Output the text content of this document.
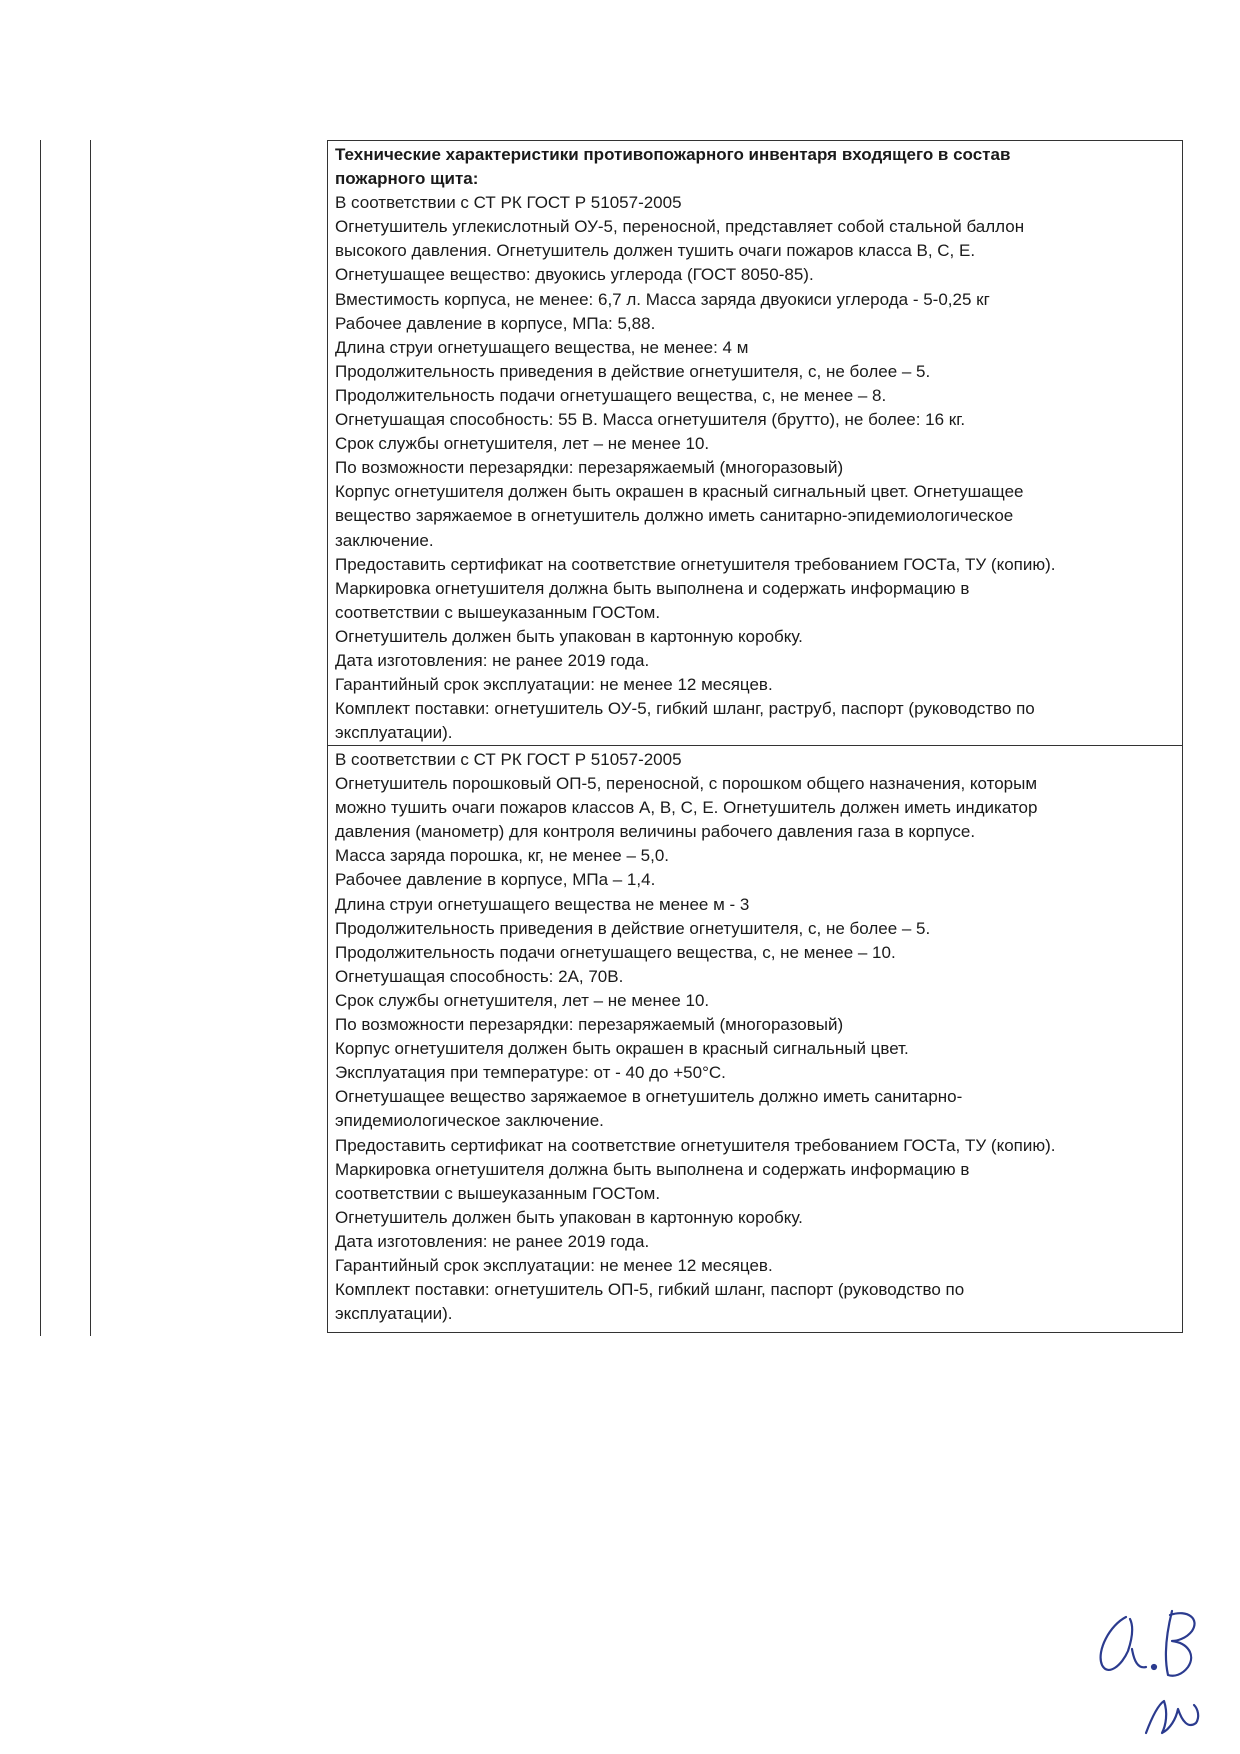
Технические характеристики противопожарного инвентаря входящего в состав

пожарного щита:

В соответствии с СТ РК ГОСТ Р 51057-2005

Огнетушитель углекислотный ОУ-5, переносной, представляет собой стальной баллон

высокого давления. Огнетушитель должен тушить очаги пожаров класса В, С, Е.

Огнетушащее вещество: двуокись углерода (ГОСТ 8050-85).

Вместимость корпуса, не менее: 6,7 л. Масса заряда двуокиси углерода - 5-0,25 кг

Рабочее давление в корпусе, МПа: 5,88.

Длина струи огнетушащего вещества, не менее: 4 м

Продолжительность приведения в действие огнетушителя, с, не более – 5.

Продолжительность подачи огнетушащего вещества, с, не менее – 8.

Огнетушащая способность: 55 В. Масса огнетушителя (брутто), не более: 16 кг.

Срок службы огнетушителя, лет – не менее 10.

По возможности перезарядки: перезаряжаемый (многоразовый)

Корпус огнетушителя должен быть окрашен в красный сигнальный цвет. Огнетушащее

вещество заряжаемое в огнетушитель должно иметь санитарно-эпидемиологическое

заключение.

Предоставить сертификат на соответствие огнетушителя требованием ГОСТа, ТУ (копию).

Маркировка огнетушителя должна быть выполнена и содержать информацию в

соответствии с вышеуказанным ГОСТом.

Огнетушитель должен быть упакован в картонную коробку.

Дата изготовления: не ранее 2019 года.

Гарантийный срок эксплуатации: не менее 12 месяцев.

Комплект поставки: огнетушитель ОУ-5, гибкий шланг, раструб, паспорт (руководство по

эксплуатации).

В соответствии с СТ РК ГОСТ Р 51057-2005

Огнетушитель порошковый ОП-5, переносной, с порошком общего назначения, которым

можно тушить очаги пожаров классов А, В, С, Е. Огнетушитель должен иметь индикатор

давления (манометр) для контроля величины рабочего давления газа в корпусе.

Масса заряда порошка, кг, не менее – 5,0.

Рабочее давление в корпусе, МПа – 1,4.

Длина струи огнетушащего вещества не менее м - 3

Продолжительность приведения в действие огнетушителя, с, не более – 5.

Продолжительность подачи огнетушащего вещества, с, не менее – 10.

Огнетушащая способность: 2А, 70В.

Срок службы огнетушителя, лет – не менее 10.

По возможности перезарядки: перезаряжаемый (многоразовый)

Корпус огнетушителя должен быть окрашен в красный сигнальный цвет.

Эксплуатация при температуре: от - 40 до +50°С.

Огнетушащее вещество заряжаемое в огнетушитель должно иметь санитарно-

эпидемиологическое заключение.

Предоставить сертификат на соответствие огнетушителя требованием ГОСТа, ТУ (копию).

Маркировка огнетушителя должна быть выполнена и содержать информацию в

соответствии с вышеуказанным ГОСТом.

Огнетушитель должен быть упакован в картонную коробку.

Дата изготовления: не ранее 2019 года.

Гарантийный срок эксплуатации: не менее 12 месяцев.

Комплект поставки: огнетушитель ОП-5, гибкий шланг, паспорт (руководство по

эксплуатации).
